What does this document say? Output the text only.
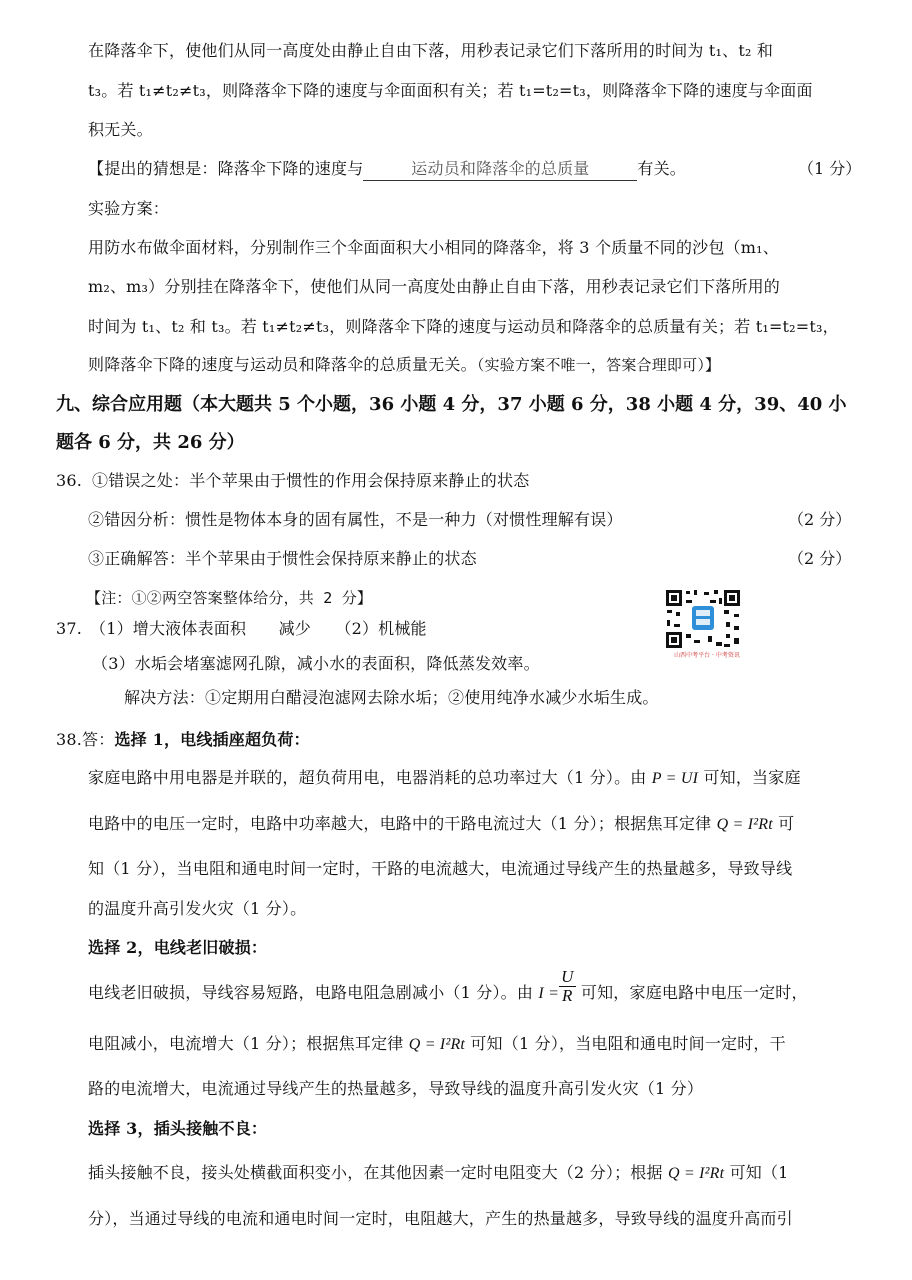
在降落伞下，使他们从同一高度处由静止自由下落，用秒表记录它们下落所用的时间为 t₁、t₂ 和
t₃。若 t₁≠t₂≠t₃，则降落伞下降的速度与伞面面积有关；若 t₁=t₂=t₃，则降落伞下降的速度与伞面面
积无关。
【提出的猜想是：降落伞下降的速度与	运动员和降落伞的总质量	有关。	（1 分）
实验方案：
用防水布做伞面材料，分别制作三个伞面面积大小相同的降落伞，将 3 个质量不同的沙包（m₁、
m₂、m₃）分别挂在降落伞下，使他们从同一高度处由静止自由下落，用秒表记录它们下落所用的
时间为 t₁、t₂ 和 t₃。若 t₁≠t₂≠t₃，则降落伞下降的速度与运动员和降落伞的总质量有关；若 t₁=t₂=t₃，
则降落伞下降的速度与运动员和降落伞的总质量无关。（实验方案不唯一，答案合理即可）】
九、综合应用题（本大题共 5 个小题，36 小题 4 分，37 小题 6 分，38 小题 4 分，39、40 小
题各 6 分，共 26 分）
36. ①错误之处：半个苹果由于惯性的作用会保持原来静止的状态
②错因分析：惯性是物体本身的固有属性，不是一种力（对惯性理解有误）	（2 分）
③正确解答：半个苹果由于惯性会保持原来静止的状态	（2 分）
【注：①②两空答案整体给分，共 2 分】
山西中考平台 · 中考资讯
37. （1）增大液体表面积　　减少　　（2）机械能
（3）水垢会堵塞滤网孔隙，减小水的表面积，降低蒸发效率。
解决方法：①定期用白醋浸泡滤网去除水垢；②使用纯净水减少水垢生成。
38.答：选择 1，电线插座超负荷：
家庭电路中用电器是并联的，超负荷用电，电器消耗的总功率过大（1 分）。由 P = UI 可知，当家庭
电路中的电压一定时，电路中功率越大，电路中的干路电流过大（1 分）；根据焦耳定律 Q = I²Rt 可
知（1 分），当电阻和通电时间一定时，干路的电流越大，电流通过导线产生的热量越多，导致导线
的温度升高引发火灾（1 分）。
选择 2，电线老旧破损：
电线老旧破损，导线容易短路，电路电阻急剧减小（1 分）。由 $I = \frac{U}{R}$ 可知，家庭电路中电压一定时，
电阻减小，电流增大（1 分）；根据焦耳定律 Q = I²Rt 可知（1 分），当电阻和通电时间一定时，干
路的电流增大，电流通过导线产生的热量越多，导致导线的温度升高引发火灾（1 分）
选择 3，插头接触不良：
插头接触不良，接头处横截面积变小，在其他因素一定时电阻变大（2 分）；根据 Q = I²Rt 可知（1
分），当通过导线的电流和通电时间一定时，电阻越大，产生的热量越多，导致导线的温度升高而引
